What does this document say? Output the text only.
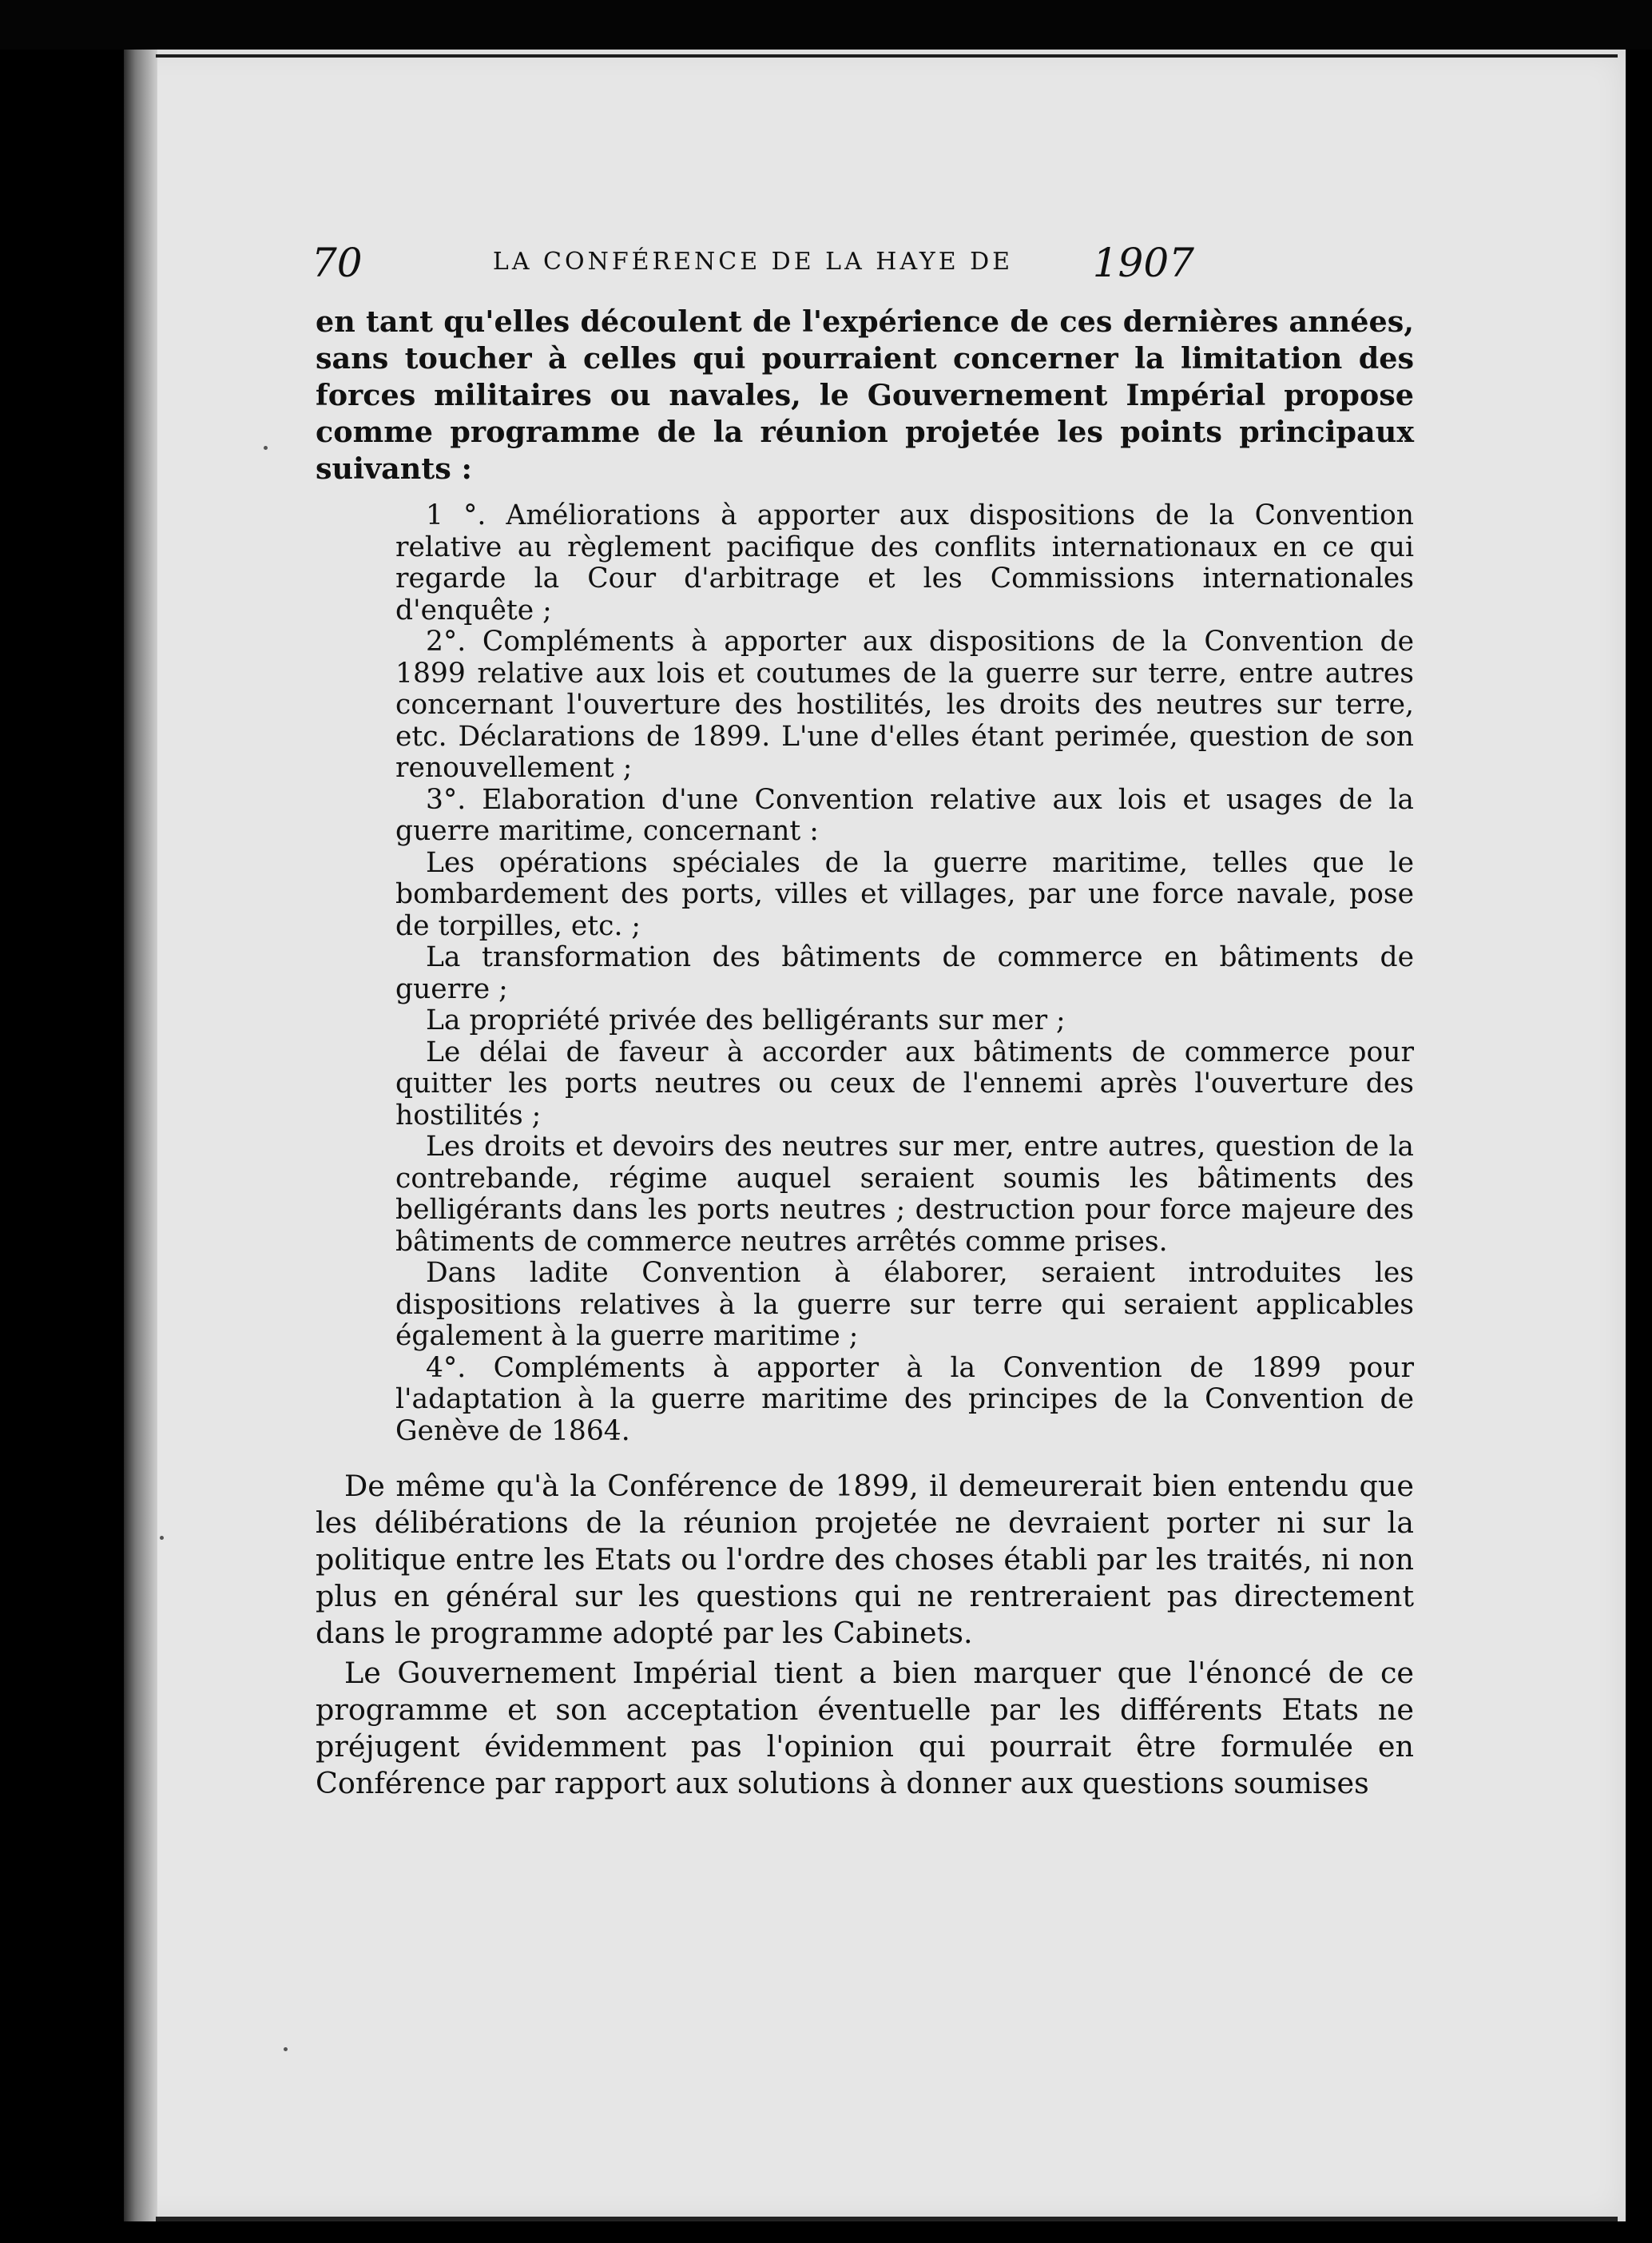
70	LA CONFÉRENCE DE LA HAYE DE	1907

en tant qu'elles découlent de l'expérience de ces dernières années, sans toucher à celles qui pourraient concerner la limitation des forces militaires ou navales, le Gouvernement Impérial propose comme programme de la réunion projetée les points principaux suivants :

1 °. Améliorations à apporter aux dispositions de la Convention relative au règlement pacifique des conflits internationaux en ce qui regarde la Cour d'arbitrage et les Commissions internationales d'enquête ;

2°. Compléments à apporter aux dispositions de la Convention de 1899 relative aux lois et coutumes de la guerre sur terre, entre autres concernant l'ouverture des hostilités, les droits des neutres sur terre, etc. Déclarations de 1899. L'une d'elles étant perimée, question de son renouvellement ;

3°. Elaboration d'une Convention relative aux lois et usages de la guerre maritime, concernant :

Les opérations spéciales de la guerre maritime, telles que le bombardement des ports, villes et villages, par une force navale, pose de torpilles, etc. ;

La transformation des bâtiments de commerce en bâtiments de guerre ;

La propriété privée des belligérants sur mer ;

Le délai de faveur à accorder aux bâtiments de commerce pour quitter les ports neutres ou ceux de l'ennemi après l'ouverture des hostilités ;

Les droits et devoirs des neutres sur mer, entre autres, question de la contrebande, régime auquel seraient soumis les bâtiments des belligérants dans les ports neutres ; destruction pour force majeure des bâtiments de commerce neutres arrêtés comme prises.

Dans ladite Convention à élaborer, seraient introduites les dispositions relatives à la guerre sur terre qui seraient applicables également à la guerre maritime ;

4°. Compléments à apporter à la Convention de 1899 pour l'adaptation à la guerre maritime des principes de la Convention de Genève de 1864.

De même qu'à la Conférence de 1899, il demeurerait bien entendu que les délibérations de la réunion projetée ne devraient porter ni sur la politique entre les Etats ou l'ordre des choses établi par les traités, ni non plus en général sur les questions qui ne rentreraient pas directement dans le programme adopté par les Cabinets.

Le Gouvernement Impérial tient a bien marquer que l'énoncé de ce programme et son acceptation éventuelle par les différents Etats ne préjugent évidemment pas l'opinion qui pourrait être formulée en Conférence par rapport aux solutions à donner aux questions soumises
